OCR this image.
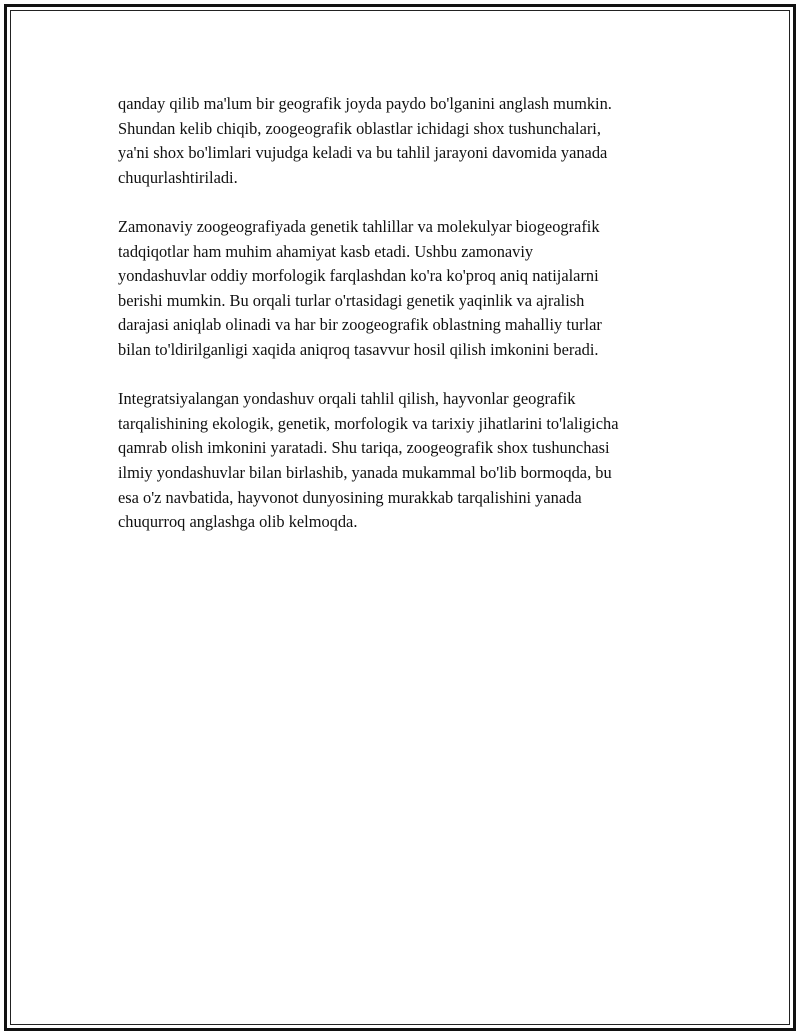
qanday qilib ma'lum bir geografik joyda paydo bo'lganini anglash mumkin.
Shundan kelib chiqib, zoogeografik oblastlar ichidagi shox tushunchalari,
ya'ni shox bo'limlari vujudga keladi va bu tahlil jarayoni davomida yanada
chuqurlashtiriladi.

Zamonaviy zoogeografiyada genetik tahlillar va molekulyar biogeografik
tadqiqotlar ham muhim ahamiyat kasb etadi. Ushbu zamonaviy
yondashuvlar oddiy morfologik farqlashdan ko'ra ko'proq aniq natijalarni
berishi mumkin. Bu orqali turlar o'rtasidagi genetik yaqinlik va ajralish
darajasi aniqlab olinadi va har bir zoogeografik oblastning mahalliy turlar
bilan to'ldirilganligi xaqida aniqroq tasavvur hosil qilish imkonini beradi.

Integratsiyalangan yondashuv orqali tahlil qilish, hayvonlar geografik
tarqalishining ekologik, genetik, morfologik va tarixiy jihatlarini to'laligicha
qamrab olish imkonini yaratadi. Shu tariqa, zoogeografik shox tushunchasi
ilmiy yondashuvlar bilan birlashib, yanada mukammal bo'lib bormoqda, bu
esa o'z navbatida, hayvonot dunyosining murakkab tarqalishini yanada
chuqurroq anglashga olib kelmoqda.
